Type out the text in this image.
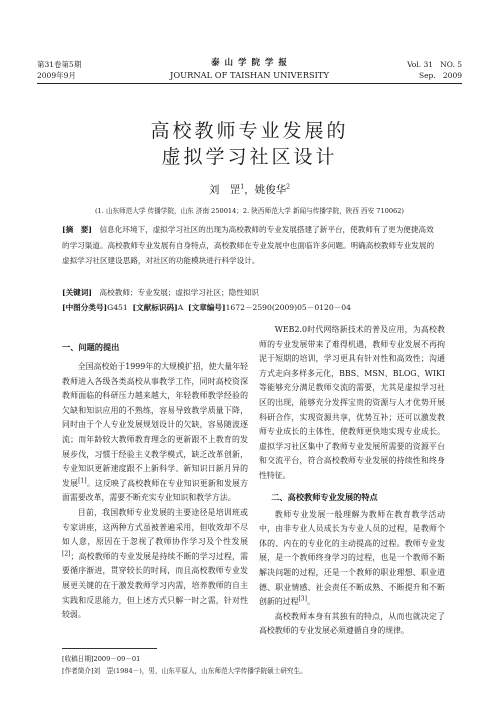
第31卷第5期
2009年9月
泰 山 学 院 学 报
JOURNAL OF TAISHAN UNIVERSITY
Vol. 31   NO. 5
Sep.   2009
高校教师专业发展的
虚拟学习社区设计
刘　罡$^1$，姚俊华$^2$
(1. 山东师范大学 传播学院，山东 济南 250014；2. 陕西师范大学 新闻与传播学院，陕西 西安 710062)
[摘　要]　信息化环境下，虚拟学习社区的出现为高校教师的专业发展搭建了新平台，使教师有了更为便捷高效的学习渠道。高校教师专业发展有自身特点，高校教师在专业发展中也面临许多问题。明确高校教师专业发展的虚拟学习社区建设思路，对社区的功能模块进行科学设计。
[关键词]　高校教师；专业发展；虚拟学习社区；隐性知识
[中图分类号]G451 [文献标识码]A [文章编号]1672－2590(2009)05－0120－04
一、问题的提出

全国高校始于1999年的大规模扩招，使大量年轻教师进入各级各类高校从事教学工作，同时高校资深教师面临的科研压力越来越大，年轻教师教学经验的欠缺和知识应用的不熟练，容易导致教学质量下降，同时由于个人专业发展规划设计的欠缺，容易随波逐流；而年龄较大教师教育理念的更新跟不上教育的发展步伐，习惯于经验主义教学模式，缺乏改革创新，专业知识更新速度跟不上新科学、新知识日新月异的发展[1]。这反映了高校教师在专业知识更新和发展方面需要改革，需要不断充实专业知识和教学方法。

目前，我国教师专业发展的主要途径是培训班或专家讲座，这两种方式虽被普遍采用，但收效却不尽如人意，原因在于忽视了教师协作学习及个性发展[2]；高校教师的专业发展是持续不断的学习过程，需要循序渐进，贯穿较长的时间，而且高校教师专业发展更关键的在于激发教师学习内需，培养教师的自主实践和反思能力，但上述方式只解一时之需，针对性较弱。

WEB2.0时代网络新技术的普及应用，为高校教师的专业发展带来了难得机遇，教师专业发展不再拘泥于短期的培训，学习更具有针对性和高效性；沟通方式走向多样多元化，BBS、MSN、BLOG、WIKI等能够充分满足教师交流的需要，尤其是虚拟学习社区的出现，能够充分发挥宝贵的资源与人才优势开展科研合作，实现资源共享，优势互补；还可以激发教师专业成长的主体性，使教师更快地实现专业成长。虚拟学习社区集中了教师专业发展所需要的资源平台和交流平台，符合高校教师专业发展的持续性和终身性特征。

二、高校教师专业发展的特点

教师专业发展一般理解为教师在教育教学活动中，由非专业人员成长为专业人员的过程，是教师个体的、内在的专业化的主动提高的过程。教师专业发展，是一个教师终身学习的过程，也是一个教师不断解决问题的过程，还是一个教师的职业理想、职业道德、职业情感、社会责任不断成熟、不断提升和不断创新的过程[3]。

高校教师本身有其独有的特点，从而也就决定了高校教师的专业发展必须遵循自身的规律。

[收稿日期]2009－09－01
[作者简介]刘　罡(1984－)，男，山东平原人，山东师范大学传播学院硕士研究生。
